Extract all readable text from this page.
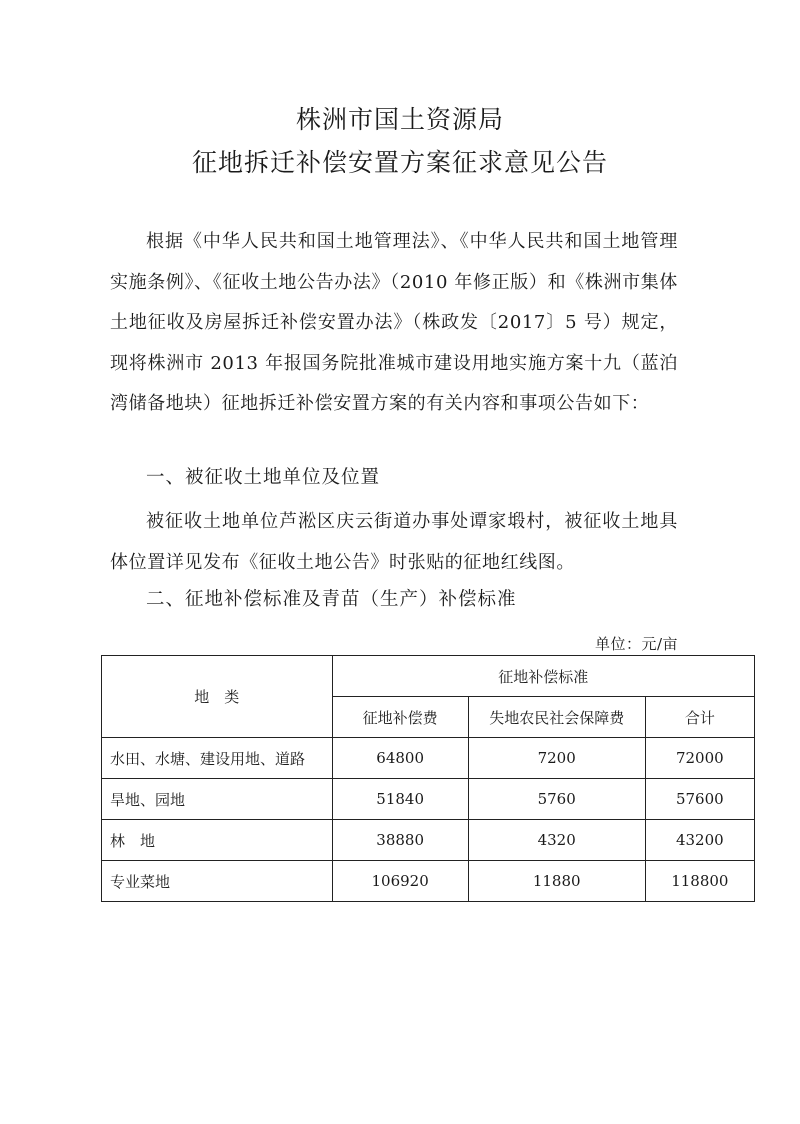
株洲市国土资源局
征地拆迁补偿安置方案征求意见公告
根据《中华人民共和国土地管理法》、《中华人民共和国土地管理实施条例》、《征收土地公告办法》（2010 年修正版）和《株洲市集体土地征收及房屋拆迁补偿安置办法》（株政发〔2017〕5 号）规定，现将株洲市 2013 年报国务院批准城市建设用地实施方案十九（蓝泊湾储备地块）征地拆迁补偿安置方案的有关内容和事项公告如下：
一、被征收土地单位及位置
被征收土地单位芦淞区庆云街道办事处谭家塅村，被征收土地具体位置详见发布《征收土地公告》时张贴的征地红线图。
二、征地补偿标准及青苗（生产）补偿标准
单位：元/亩
地　类	征地补偿标准		
	征地补偿费	失地农民社会保障费	合计
水田、水塘、建设用地、道路	64800	7200	72000
旱地、园地	51840	5760	57600
林　地	38880	4320	43200
专业菜地	106920	11880	118800
